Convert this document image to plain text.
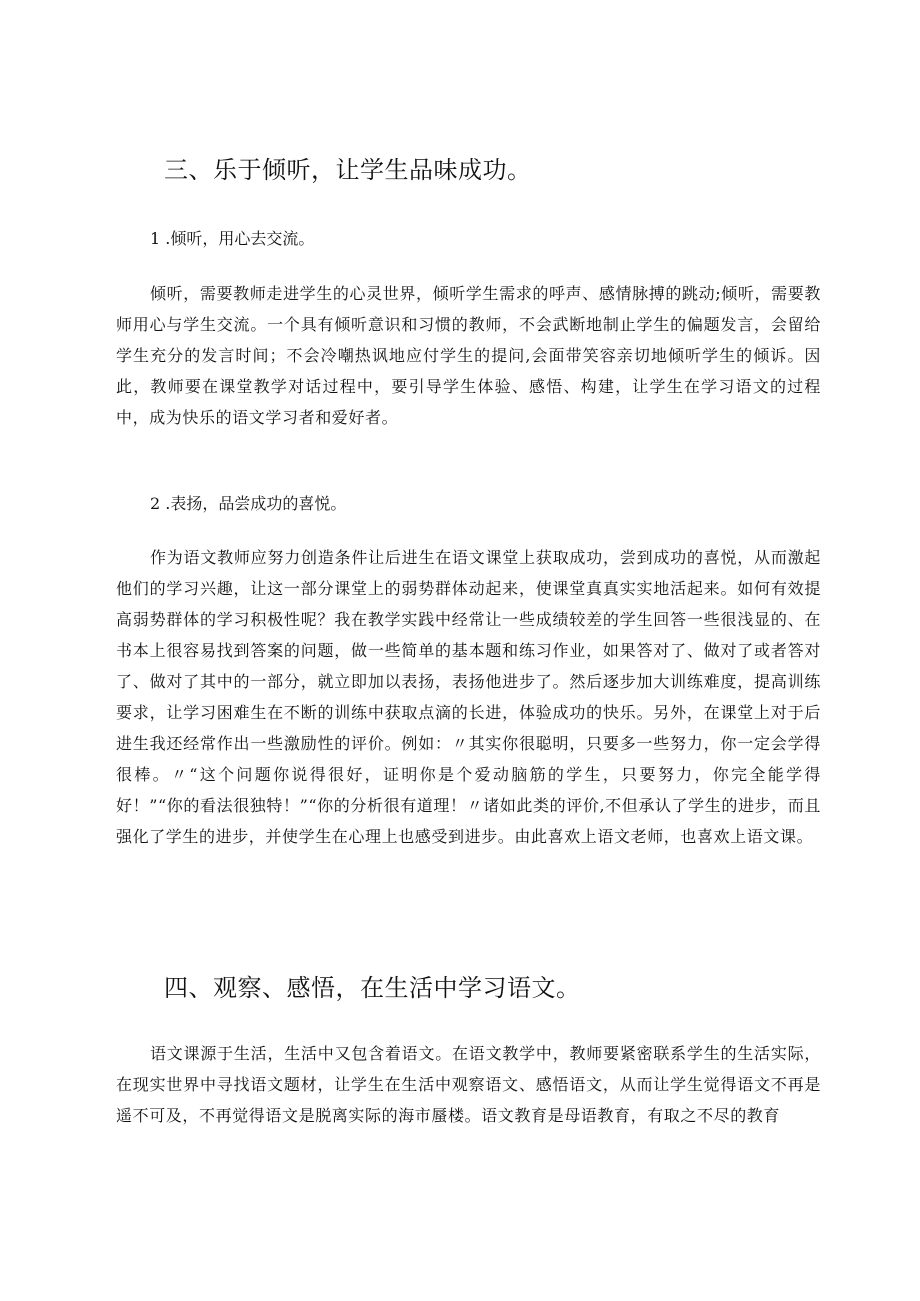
三、乐于倾听，让学生品味成功。
1 .倾听，用心去交流。

倾听，需要教师走进学生的心灵世界，倾听学生需求的呼声、感情脉搏的跳动;倾听，需要教师用心与学生交流。一个具有倾听意识和习惯的教师，不会武断地制止学生的偏题发言，会留给学生充分的发言时间；不会冷嘲热讽地应付学生的提问,会面带笑容亲切地倾听学生的倾诉。因此，教师要在课堂教学对话过程中，要引导学生体验、感悟、构建，让学生在学习语文的过程中，成为快乐的语文学习者和爱好者。

2 .表扬，品尝成功的喜悦。

作为语文教师应努力创造条件让后进生在语文课堂上获取成功，尝到成功的喜悦，从而激起他们的学习兴趣，让这一部分课堂上的弱势群体动起来，使课堂真真实实地活起来。如何有效提高弱势群体的学习积极性呢？我在教学实践中经常让一些成绩较差的学生回答一些很浅显的、在书本上很容易找到答案的问题，做一些简单的基本题和练习作业，如果答对了、做对了或者答对了、做对了其中的一部分，就立即加以表扬，表扬他进步了。然后逐步加大训练难度，提高训练要求，让学习困难生在不断的训练中获取点滴的长进，体验成功的快乐。另外，在课堂上对于后进生我还经常作出一些激励性的评价。例如：〃其实你很聪明，只要多一些努力，你一定会学得很棒。〃“这个问题你说得很好，证明你是个爱动脑筋的学生，只要努力，你完全能学得好！”“你的看法很独特！”“你的分析很有道理！〃诸如此类的评价,不但承认了学生的进步，而且强化了学生的进步，并使学生在心理上也感受到进步。由此喜欢上语文老师，也喜欢上语文课。

四、观察、感悟，在生活中学习语文。

语文课源于生活，生活中又包含着语文。在语文教学中，教师要紧密联系学生的生活实际，在现实世界中寻找语文题材，让学生在生活中观察语文、感悟语文，从而让学生觉得语文不再是遥不可及，不再觉得语文是脱离实际的海市蜃楼。语文教育是母语教育，有取之不尽的教育
